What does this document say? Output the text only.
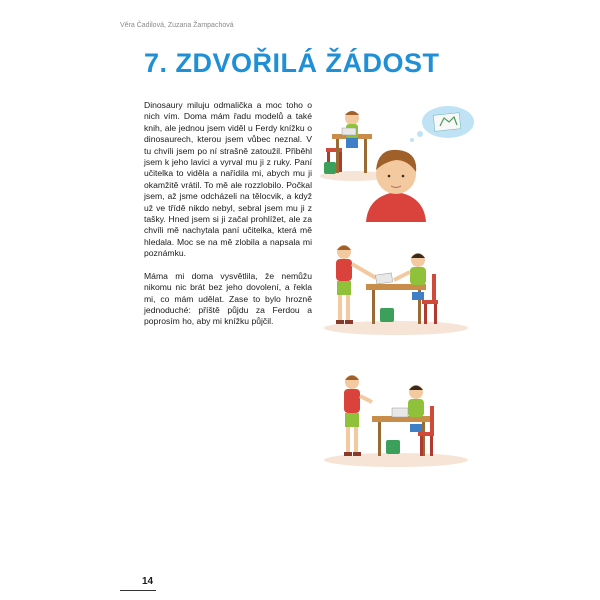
Věra Čadilová, Zuzana Žampachová
7. ZDVOŘILÁ ŽÁDOST

Dinosaury miluju odmalička a moc toho o nich vím. Doma mám řadu modelů a také knih, ale jednou jsem viděl u Ferdy knížku o dinosaurech, kterou jsem vůbec neznal. V tu chvíli jsem po ní strašně zatoužil. Přiběhl jsem k jeho lavici a vyrval mu ji z ruky. Paní učitelka to viděla a nařídila mi, abych mu ji okamžitě vrátil. To mě ale rozzlobilo. Počkal jsem, až jsme odcházeli na tělocvik, a když už ve třídě nikdo nebyl, sebral jsem mu ji z tašky. Hned jsem si ji začal prohlížet, ale za chvíli mě nachytala paní učitelka, která mě hledala. Moc se na mě zlobila a napsala mi poznámku.

Máma mi doma vysvětlila, že nemůžu nikomu nic brát bez jeho dovolení, a řekla mi, co mám udělat. Zase to bylo hrozně jednoduché: příště půjdu za Ferdou a poprosím ho, aby mi knížku půjčil.

14
